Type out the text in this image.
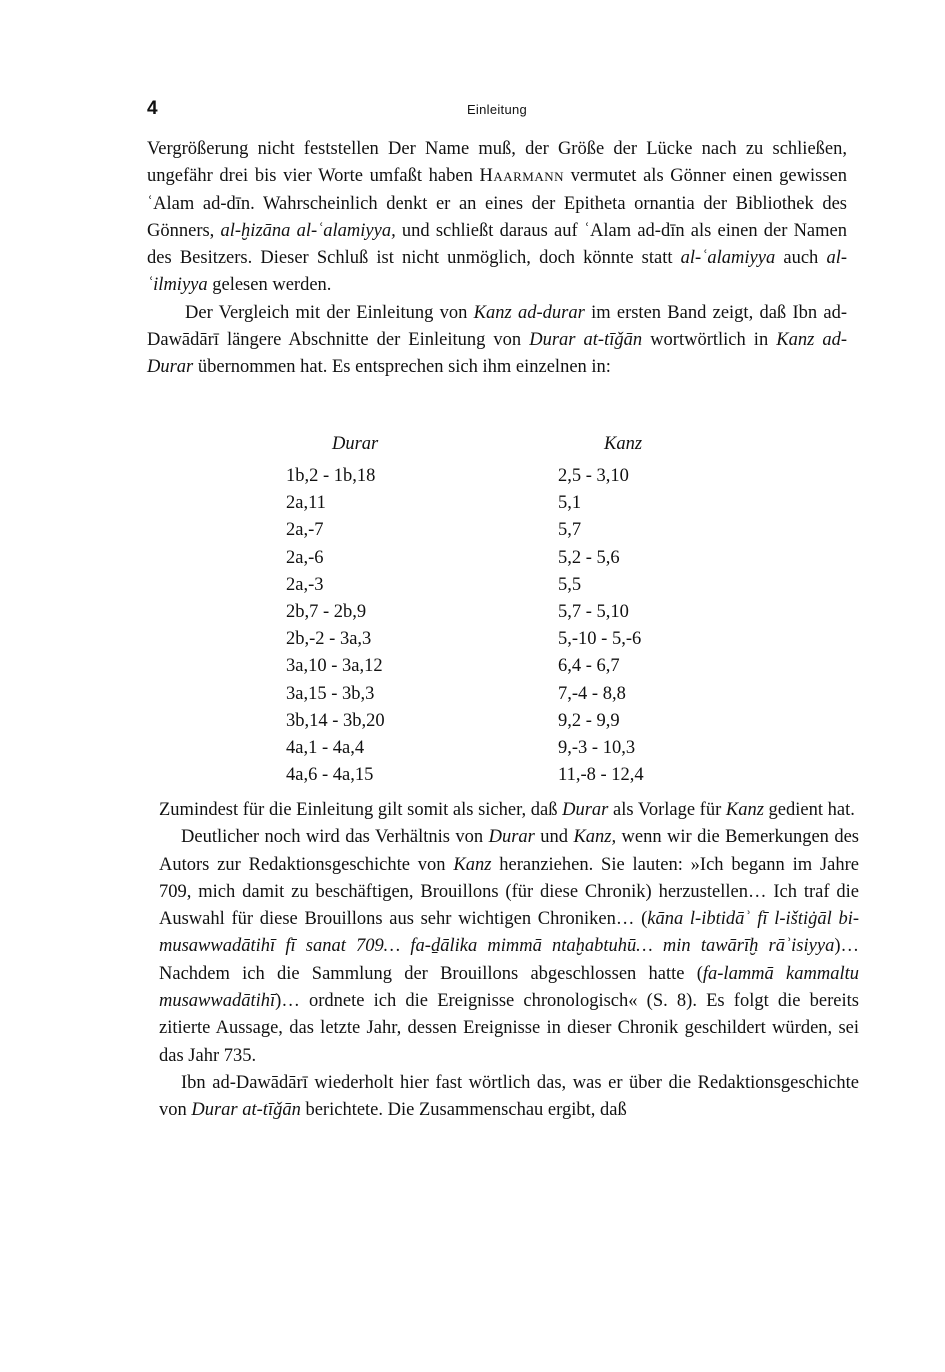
4	Einleitung

Vergrößerung nicht feststellen Der Name muß, der Größe der Lücke nach zu schließen, ungefähr drei bis vier Worte umfaßt haben Haarmann vermutet als Gönner einen gewissen ʿAlam ad-dīn. Wahrscheinlich denkt er an eines der Epitheta ornantia der Bibliothek des Gönners, al-ḫizāna al-ʿalamiyya, und schließt daraus auf ʿAlam ad-dīn als einen der Namen des Besitzers. Dieser Schluß ist nicht unmöglich, doch könnte statt al-ʿalamiyya auch al-ʿilmiyya gelesen werden.

Der Vergleich mit der Einleitung von Kanz ad-durar im ersten Band zeigt, daß Ibn ad-Dawādārī längere Abschnitte der Einleitung von Durar at-tīǧān wortwörtlich in Kanz ad-Durar übernommen hat. Es entsprechen sich ihm einzelnen in:

Durar	Kanz
1b,2 - 1b,18	2,5 - 3,10
2a,11	5,1
2a,-7	5,7
2a,-6	5,2 - 5,6
2a,-3	5,5
2b,7 - 2b,9	5,7 - 5,10
2b,-2 - 3a,3	5,-10 - 5,-6
3a,10 - 3a,12	6,4 - 6,7
3a,15 - 3b,3	7,-4 - 8,8
3b,14 - 3b,20	9,2 - 9,9
4a,1 - 4a,4	9,-3 - 10,3
4a,6 - 4a,15	11,-8 - 12,4

Zumindest für die Einleitung gilt somit als sicher, daß Durar als Vorlage für Kanz gedient hat.

Deutlicher noch wird das Verhältnis von Durar und Kanz, wenn wir die Bemerkungen des Autors zur Redaktionsgeschichte von Kanz heranziehen. Sie lauten: »Ich begann im Jahre 709, mich damit zu beschäftigen, Brouillons (für diese Chronik) herzustellen… Ich traf die Auswahl für diese Brouillons aus sehr wichtigen Chroniken… (kāna l-ibtidāʾ fī l-ištiġāl bi-musawwadātihī fī sanat 709… fa-ḏālika mimmā ntaḫabtuhū… min tawārīḫ rāʾisiyya)… Nachdem ich die Sammlung der Brouillons abgeschlossen hatte (fa-lammā kammaltu musawwadātihī)… ordnete ich die Ereignisse chronologisch« (S. 8). Es folgt die bereits zitierte Aussage, das letzte Jahr, dessen Ereignisse in dieser Chronik geschildert würden, sei das Jahr 735.

Ibn ad-Dawādārī wiederholt hier fast wörtlich das, was er über die Redaktionsgeschichte von Durar at-tīǧān berichtete. Die Zusammenschau ergibt, daß
